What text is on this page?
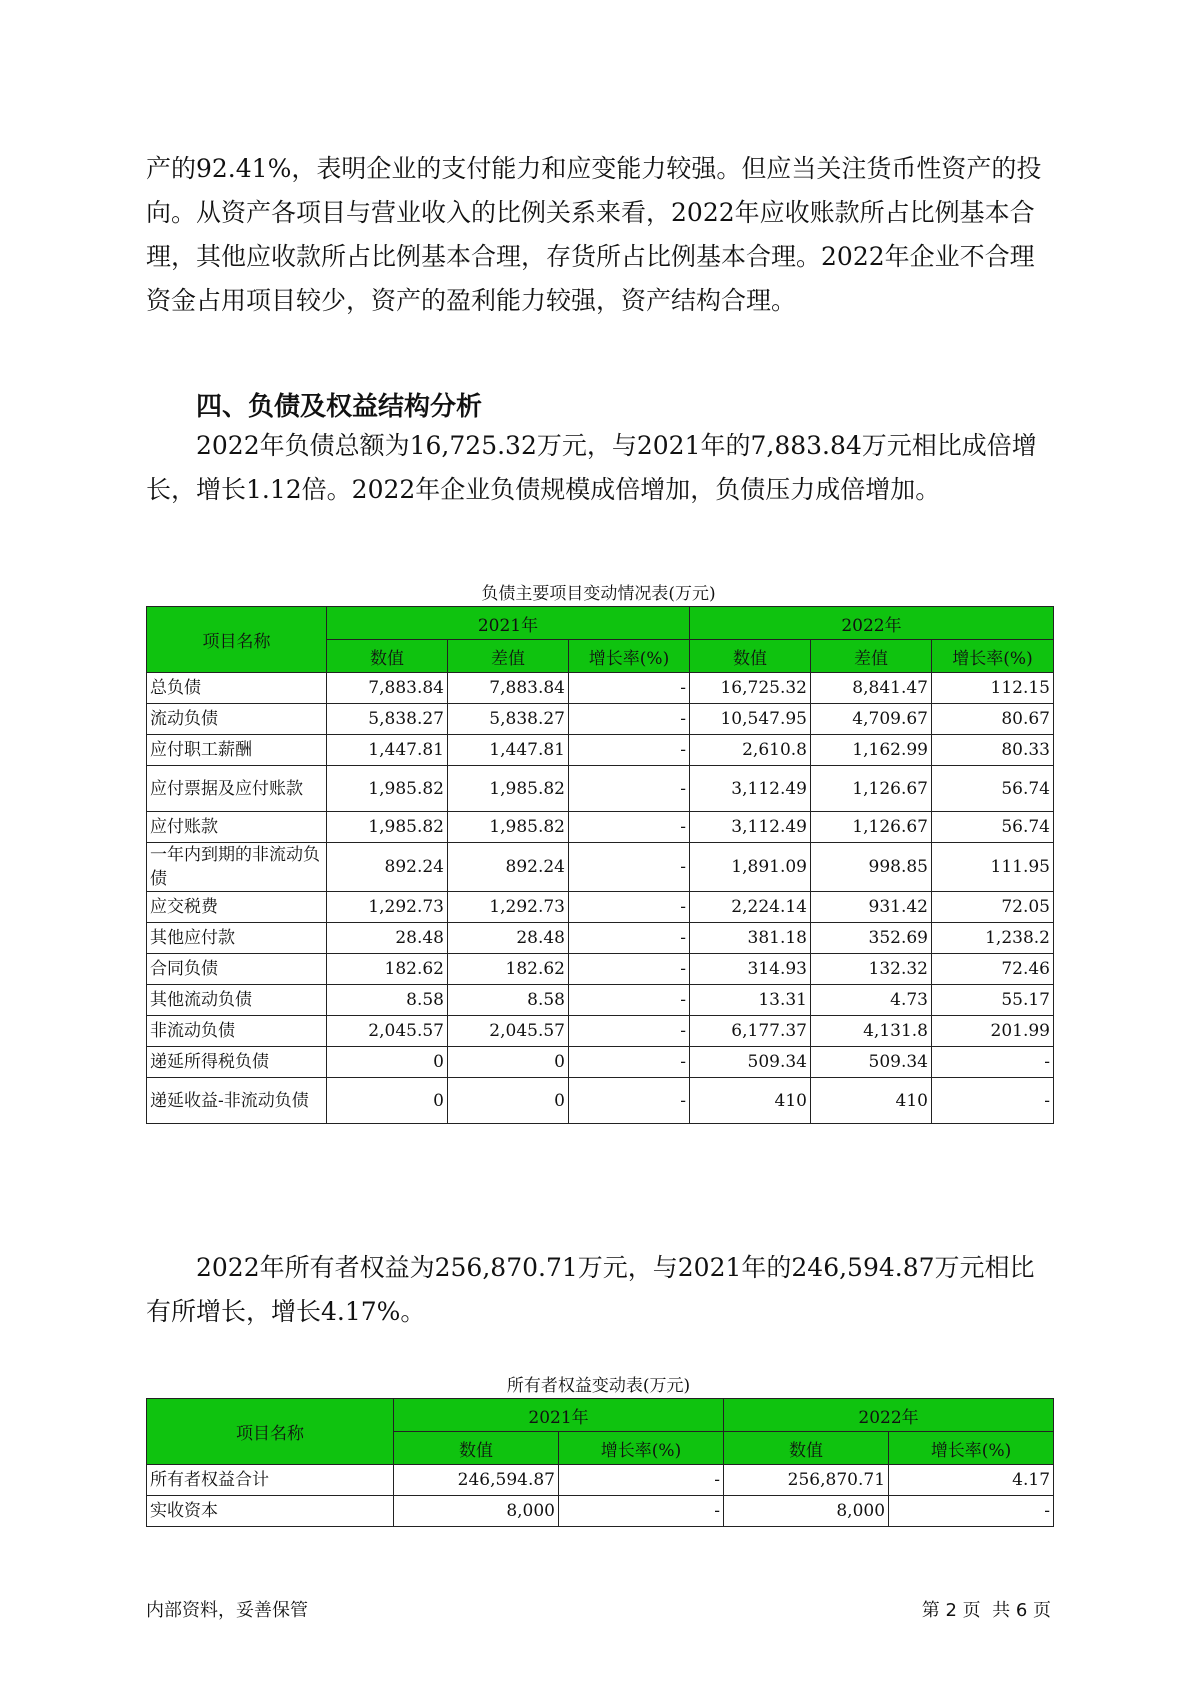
产的92.41%，表明企业的支付能力和应变能力较强。但应当关注货币性资产的投向。从资产各项目与营业收入的比例关系来看，2022年应收账款所占比例基本合理，其他应收款所占比例基本合理，存货所占比例基本合理。2022年企业不合理资金占用项目较少，资产的盈利能力较强，资产结构合理。

四、负债及权益结构分析

2022年负债总额为16,725.32万元，与2021年的7,883.84万元相比成倍增长，增长1.12倍。2022年企业负债规模成倍增加，负债压力成倍增加。

负债主要项目变动情况表(万元)
项目名称	2021年			2022年		
	数值	差值	增长率(%)	数值	差值	增长率(%)
总负债	7,883.84	7,883.84	-	16,725.32	8,841.47	112.15
流动负债	5,838.27	5,838.27	-	10,547.95	4,709.67	80.67
应付职工薪酬	1,447.81	1,447.81	-	2,610.8	1,162.99	80.33
应付票据及应付账款	1,985.82	1,985.82	-	3,112.49	1,126.67	56.74
应付账款	1,985.82	1,985.82	-	3,112.49	1,126.67	56.74
一年内到期的非流动负债	892.24	892.24	-	1,891.09	998.85	111.95
应交税费	1,292.73	1,292.73	-	2,224.14	931.42	72.05
其他应付款	28.48	28.48	-	381.18	352.69	1,238.2
合同负债	182.62	182.62	-	314.93	132.32	72.46
其他流动负债	8.58	8.58	-	13.31	4.73	55.17
非流动负债	2,045.57	2,045.57	-	6,177.37	4,131.8	201.99
递延所得税负债	0	0	-	509.34	509.34	-
递延收益-非流动负债	0	0	-	410	410	-

2022年所有者权益为256,870.71万元，与2021年的246,594.87万元相比有所增长，增长4.17%。

所有者权益变动表(万元)
项目名称	2021年		2022年	
	数值	增长率(%)	数值	增长率(%)
所有者权益合计	246,594.87	-	256,870.71	4.17
实收资本	8,000	-	8,000	-
内部资料，妥善保管	第 2 页  共 6 页
